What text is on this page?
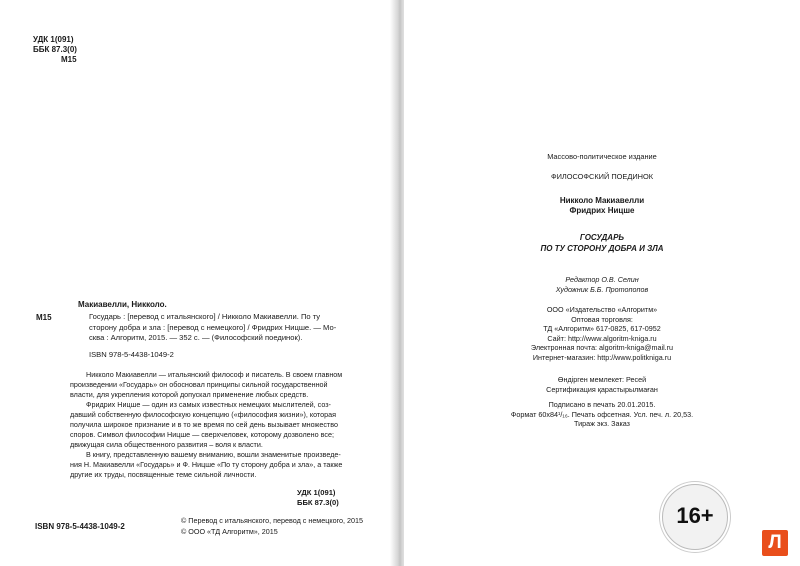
УДК 1(091)
ББК 87.3(0)
М15
М15
Макиавелли, Никколо.
Государь : [перевод с итальянского] / Никколо Макиавелли. По ту
сторону добра и зла : [перевод с немецкого] / Фридрих Ницше. — Мо-
сква : Алгоритм, 2015. — 352 с. — (Философский поединок).
ISBN 978-5-4438-1049-2
Никколо Макиавелли — итальянский философ и писатель. В своем главном
произведении «Государь» он обосновал принципы сильной государственной
власти, для укрепления которой допускал применение любых средств.
Фридрих Ницше — один из самых известных немецких мыслителей, соз-
давший собственную философскую концепцию («философия жизни»), которая
получила широкое признание и в то же время по сей день вызывает множество
споров. Символ философии Ницше — сверхчеловек, которому дозволено все;
движущая сила общественного развития – воля к власти.
В книгу, представленную вашему вниманию, вошли знаменитые произведе-
ния Н. Макиавелли «Государь» и Ф. Ницше «По ту сторону добра и зла», а также
другие их труды, посвященные теме сильной личности.
УДК 1(091)
ББК 87.3(0)
ISBN 978-5-4438-1049-2
© Перевод с итальянского, перевод с немецкого, 2015
© ООО «ТД Алгоритм», 2015
Массово-политическое издание
ФИЛОСОФСКИЙ ПОЕДИНОК
Никколо Макиавелли
Фридрих Ницше
ГОСУДАРЬ
ПО ТУ СТОРОНУ ДОБРА И ЗЛА
Редактор О.В. Селин
Художник Б.Б. Протопопов
ООО «Издательство «Алгоритм»
Оптовая торговля:
ТД «Алгоритм» 617-0825, 617-0952
Сайт: http://www.algoritm-kniga.ru
Электронная почта: algoritm-kniga@mail.ru
Интернет-магазин: http://www.politkniga.ru
Өндірген мемлекет: Ресей
Сертификация қарастырылмаған
Подписано в печать 20.01.2015.
Формат 60x84¹/₁₆. Печать офсетная. Усл. печ. л. 20,53.
Тираж экз. Заказ
16+
Л
